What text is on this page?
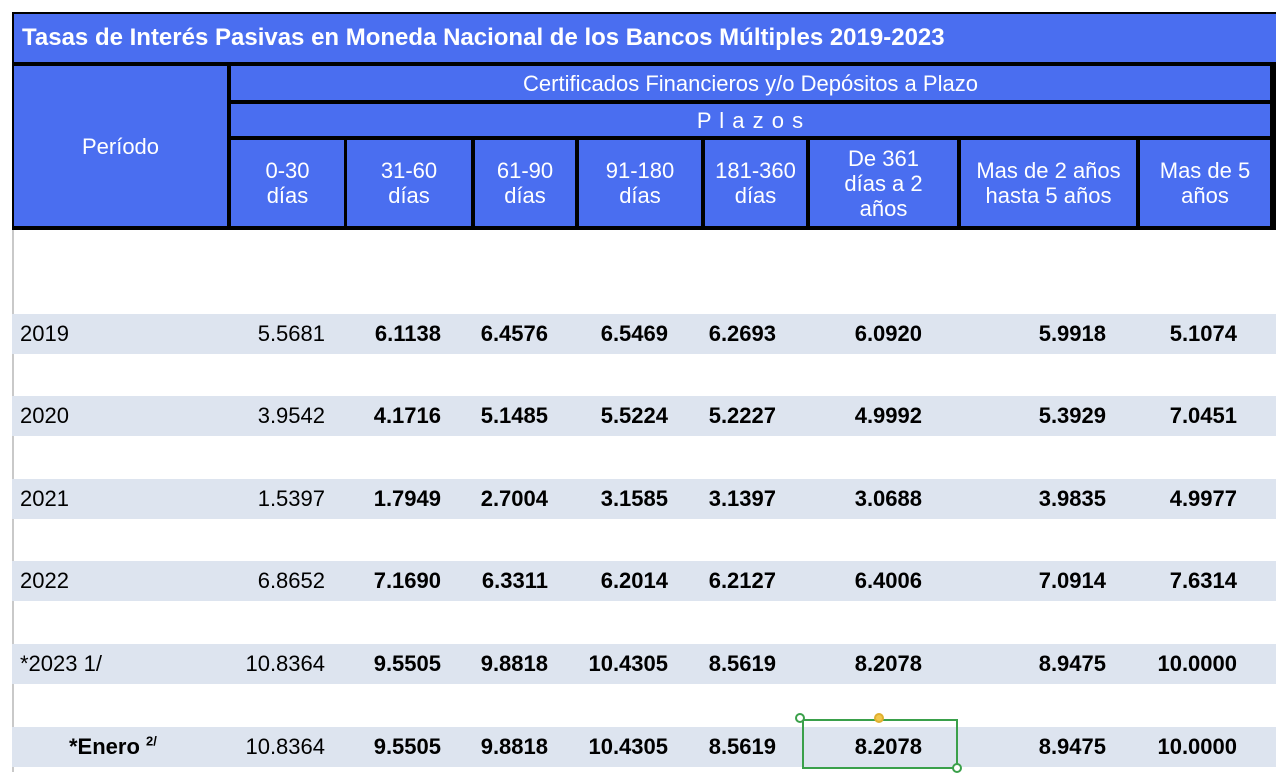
Tasas de Interés Pasivas en Moneda Nacional de los Bancos Múltiples 2019-2023
Período
Certificados Financieros y/o Depósitos a Plazo
P l a z o s
0-30
días
31-60
días
61-90
días
91-180
días
181-360
días
De 361
días a 2
años
Mas de 2 años
hasta 5 años
Mas de 5
años
2019	5.5681 6.1138 6.4576 6.5469 6.2693	6.0920	5.9918	5.1074
2020	3.9542 4.1716 5.1485 5.5224 5.2227	4.9992	5.3929	7.0451
2021	1.5397 1.7949 2.7004 3.1585 3.1397	3.0688	3.9835	4.9977
2022	6.8652 7.1690 6.3311 6.2014 6.2127	6.4006	7.0914	7.6314
*2023 1/	10.8364 9.5505 9.8818 10.4305 8.5619	8.2078	8.9475 10.0000
*Enero $^{2/}$	10.8364 9.5505 9.8818 10.4305 8.5619	8.2078	8.9475 10.0000
